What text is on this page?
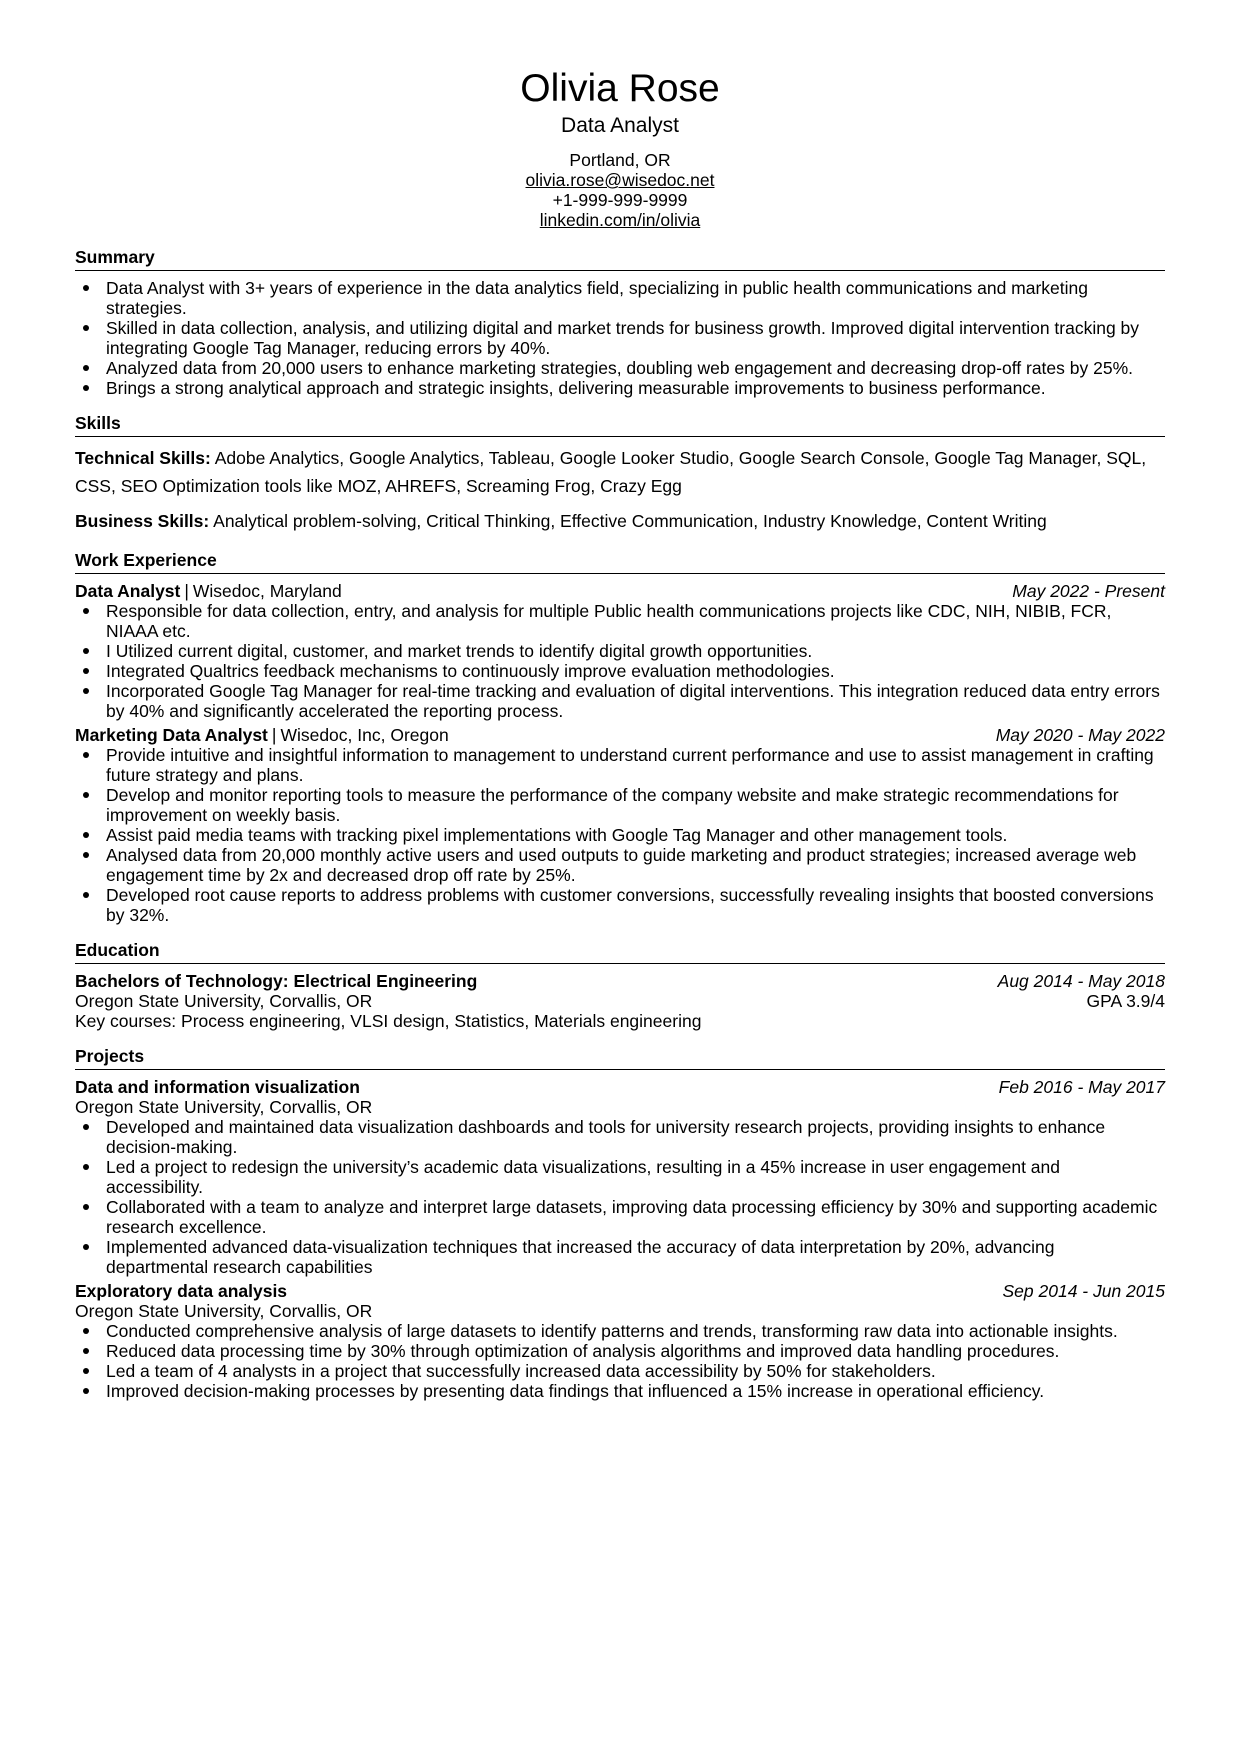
Olivia Rose
Data Analyst
Portland, OR
olivia.rose@wisedoc.net
+1-999-999-9999
linkedin.com/in/olivia
Summary
Data Analyst with 3+ years of experience in the data analytics field, specializing in public health communications and marketing strategies.
Skilled in data collection, analysis, and utilizing digital and market trends for business growth. Improved digital intervention tracking by integrating Google Tag Manager, reducing errors by 40%.
Analyzed data from 20,000 users to enhance marketing strategies, doubling web engagement and decreasing drop-off rates by 25%.
Brings a strong analytical approach and strategic insights, delivering measurable improvements to business performance.
Skills

Technical Skills: Adobe Analytics, Google Analytics, Tableau, Google Looker Studio, Google Search Console, Google Tag Manager, SQL, CSS, SEO Optimization tools like MOZ, AHREFS, Screaming Frog, Crazy Egg

Business Skills: Analytical problem-solving, Critical Thinking, Effective Communication, Industry Knowledge, Content Writing

Work Experience
Data Analyst | Wisedoc, Maryland	May 2022 - Present
Responsible for data collection, entry, and analysis for multiple Public health communications projects like CDC, NIH, NIBIB, FCR, NIAAA etc.
I Utilized current digital, customer, and market trends to identify digital growth opportunities.
Integrated Qualtrics feedback mechanisms to continuously improve evaluation methodologies.
Incorporated Google Tag Manager for real-time tracking and evaluation of digital interventions. This integration reduced data entry errors by 40% and significantly accelerated the reporting process.
Marketing Data Analyst | Wisedoc, Inc, Oregon	May 2020 - May 2022
Provide intuitive and insightful information to management to understand current performance and use to assist management in crafting future strategy and plans.
Develop and monitor reporting tools to measure the performance of the company website and make strategic recommendations for improvement on weekly basis.
Assist paid media teams with tracking pixel implementations with Google Tag Manager and other management tools.
Analysed data from 20,000 monthly active users and used outputs to guide marketing and product strategies; increased average web engagement time by 2x and decreased drop off rate by 25%.
Developed root cause reports to address problems with customer conversions, successfully revealing insights that boosted conversions by 32%.
Education
Bachelors of Technology: Electrical Engineering	Aug 2014 - May 2018
Oregon State University, Corvallis, OR	GPA 3.9/4
Key courses: Process engineering, VLSI design, Statistics, Materials engineering
Projects
Data and information visualization	Feb 2016 - May 2017
Oregon State University, Corvallis, OR
Developed and maintained data visualization dashboards and tools for university research projects, providing insights to enhance decision-making.
Led a project to redesign the university’s academic data visualizations, resulting in a 45% increase in user engagement and accessibility.
Collaborated with a team to analyze and interpret large datasets, improving data processing efficiency by 30% and supporting academic research excellence.
Implemented advanced data-visualization techniques that increased the accuracy of data interpretation by 20%, advancing departmental research capabilities
Exploratory data analysis	Sep 2014 - Jun 2015
Oregon State University, Corvallis, OR
Conducted comprehensive analysis of large datasets to identify patterns and trends, transforming raw data into actionable insights.
Reduced data processing time by 30% through optimization of analysis algorithms and improved data handling procedures.
Led a team of 4 analysts in a project that successfully increased data accessibility by 50% for stakeholders.
Improved decision-making processes by presenting data findings that influenced a 15% increase in operational efficiency.
